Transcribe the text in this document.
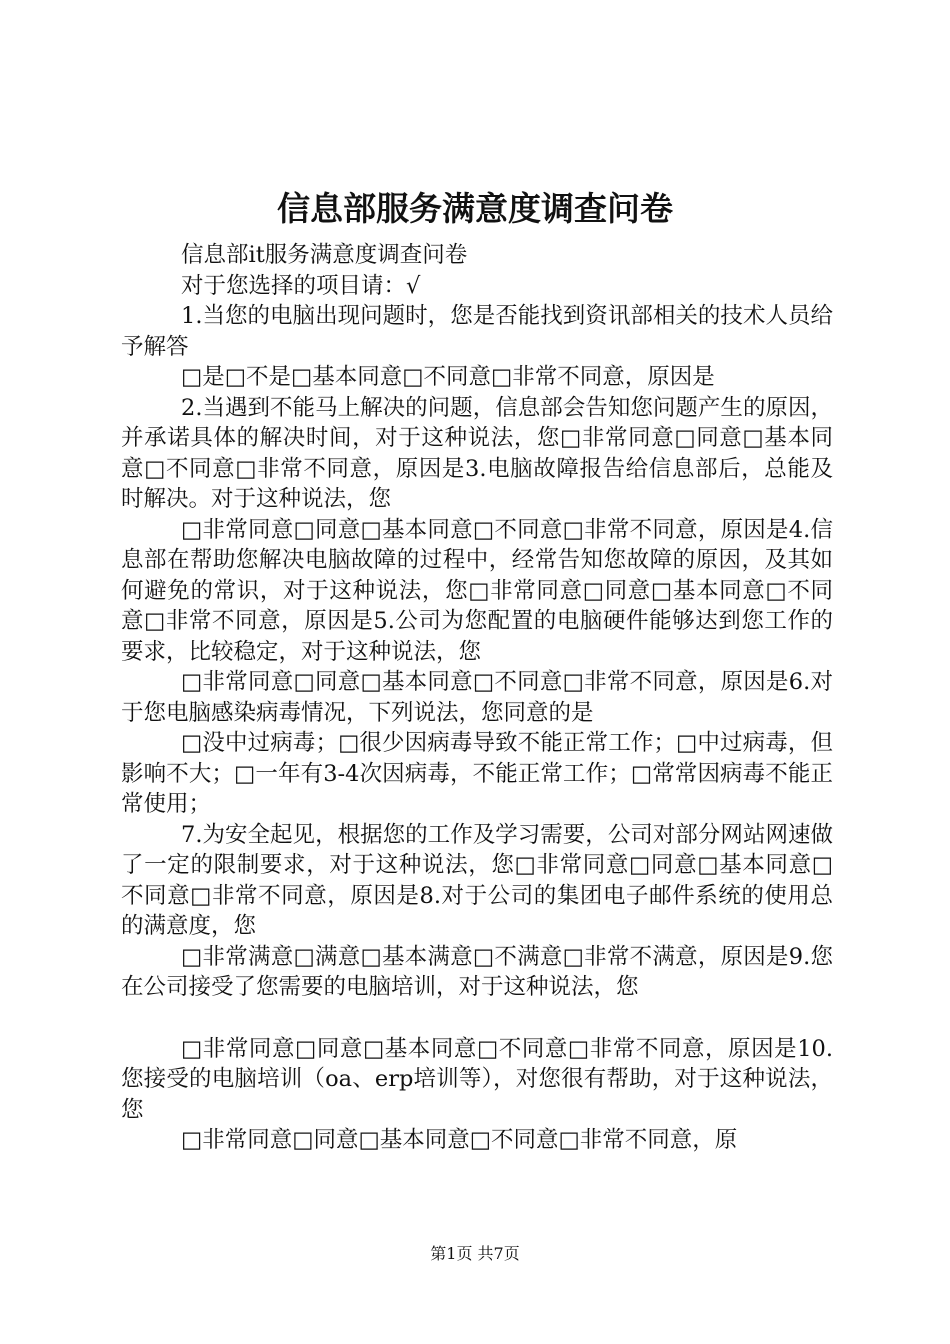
信息部服务满意度调查问卷

信息部it服务满意度调查问卷

对于您选择的项目请：√

1.当您的电脑出现问题时，您是否能找到资讯部相关的技术人员给予解答

□是□不是□基本同意□不同意□非常不同意，原因是

2.当遇到不能马上解决的问题，信息部会告知您问题产生的原因，并承诺具体的解决时间，对于这种说法，您□非常同意□同意□基本同意□不同意□非常不同意，原因是3.电脑故障报告给信息部后，总能及时解决。对于这种说法，您

□非常同意□同意□基本同意□不同意□非常不同意，原因是4.信息部在帮助您解决电脑故障的过程中，经常告知您故障的原因，及其如何避免的常识，对于这种说法，您□非常同意□同意□基本同意□不同意□非常不同意，原因是5.公司为您配置的电脑硬件能够达到您工作的要求，比较稳定，对于这种说法，您

□非常同意□同意□基本同意□不同意□非常不同意，原因是6.对于您电脑感染病毒情况，下列说法，您同意的是

□没中过病毒；□很少因病毒导致不能正常工作；□中过病毒，但影响不大；□一年有3-4次因病毒，不能正常工作；□常常因病毒不能正常使用；

7.为安全起见，根据您的工作及学习需要，公司对部分网站网速做了一定的限制要求，对于这种说法，您□非常同意□同意□基本同意□不同意□非常不同意，原因是8.对于公司的集团电子邮件系统的使用总的满意度，您

□非常满意□满意□基本满意□不满意□非常不满意，原因是9.您在公司接受了您需要的电脑培训，对于这种说法，您

□非常同意□同意□基本同意□不同意□非常不同意，原因是10.您接受的电脑培训（oa、erp培训等），对您很有帮助，对于这种说法，您

□非常同意□同意□基本同意□不同意□非常不同意，原

第1页 共7页
